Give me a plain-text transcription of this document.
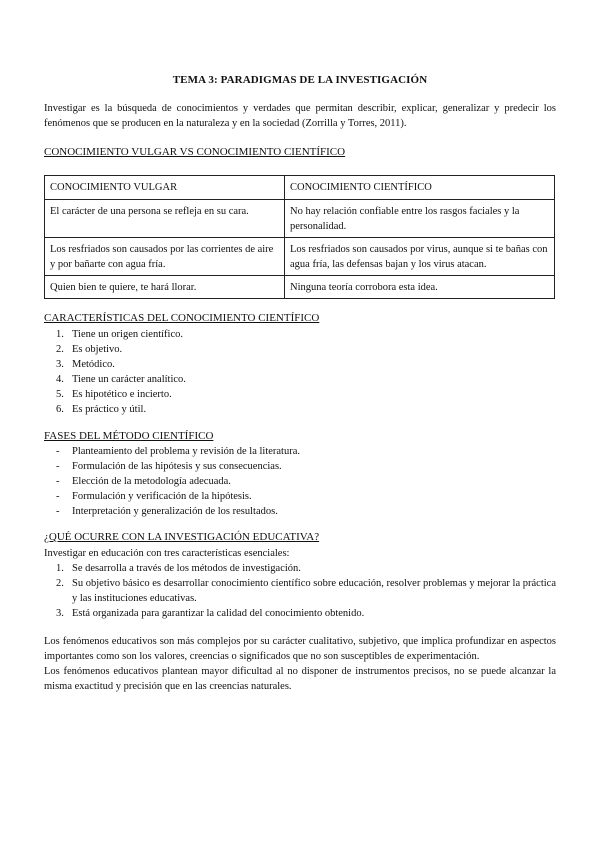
TEMA 3: PARADIGMAS DE LA INVESTIGACIÓN
Investigar es la búsqueda de conocimientos y verdades que permitan describir, explicar, generalizar y predecir los fenómenos que se producen en la naturaleza y en la sociedad (Zorrilla y Torres, 2011).
CONOCIMIENTO VULGAR VS CONOCIMIENTO CIENTÍFICO
CONOCIMIENTO VULGAR	CONOCIMIENTO CIENTÍFICO
El carácter de una persona se refleja en su cara.	No hay relación confiable entre los rasgos faciales y la personalidad.
Los resfriados son causados por las corrientes de aire y por bañarte con agua fría.	Los resfriados son causados por virus, aunque si te bañas con agua fría, las defensas bajan y los virus atacan.
Quien bien te quiere, te hará llorar.	Ninguna teoría corrobora esta idea.
CARACTERÍSTICAS DEL CONOCIMIENTO CIENTÍFICO
1. Tiene un origen científico.
2. Es objetivo.
3. Metódico.
4. Tiene un carácter analítico.
5. Es hipotético e incierto.
6. Es práctico y útil.
FASES DEL MÉTODO CIENTÍFICO
- Planteamiento del problema y revisión de la literatura.
- Formulación de las hipótesis y sus consecuencias.
- Elección de la metodología adecuada.
- Formulación y verificación de la hipótesis.
- Interpretación y generalización de los resultados.
¿QUÉ OCURRE CON LA INVESTIGACIÓN EDUCATIVA?
Investigar en educación con tres características esenciales:
1. Se desarrolla a través de los métodos de investigación.
2. Su objetivo básico es desarrollar conocimiento científico sobre educación, resolver problemas y mejorar la práctica y las instituciones educativas.
3. Está organizada para garantizar la calidad del conocimiento obtenido.
Los fenómenos educativos son más complejos por su carácter cualitativo, subjetivo, que implica profundizar en aspectos importantes como son los valores, creencias o significados que no son susceptibles de experimentación.
Los fenómenos educativos plantean mayor dificultad al no disponer de instrumentos precisos, no se puede alcanzar la misma exactitud y precisión que en las creencias naturales.
